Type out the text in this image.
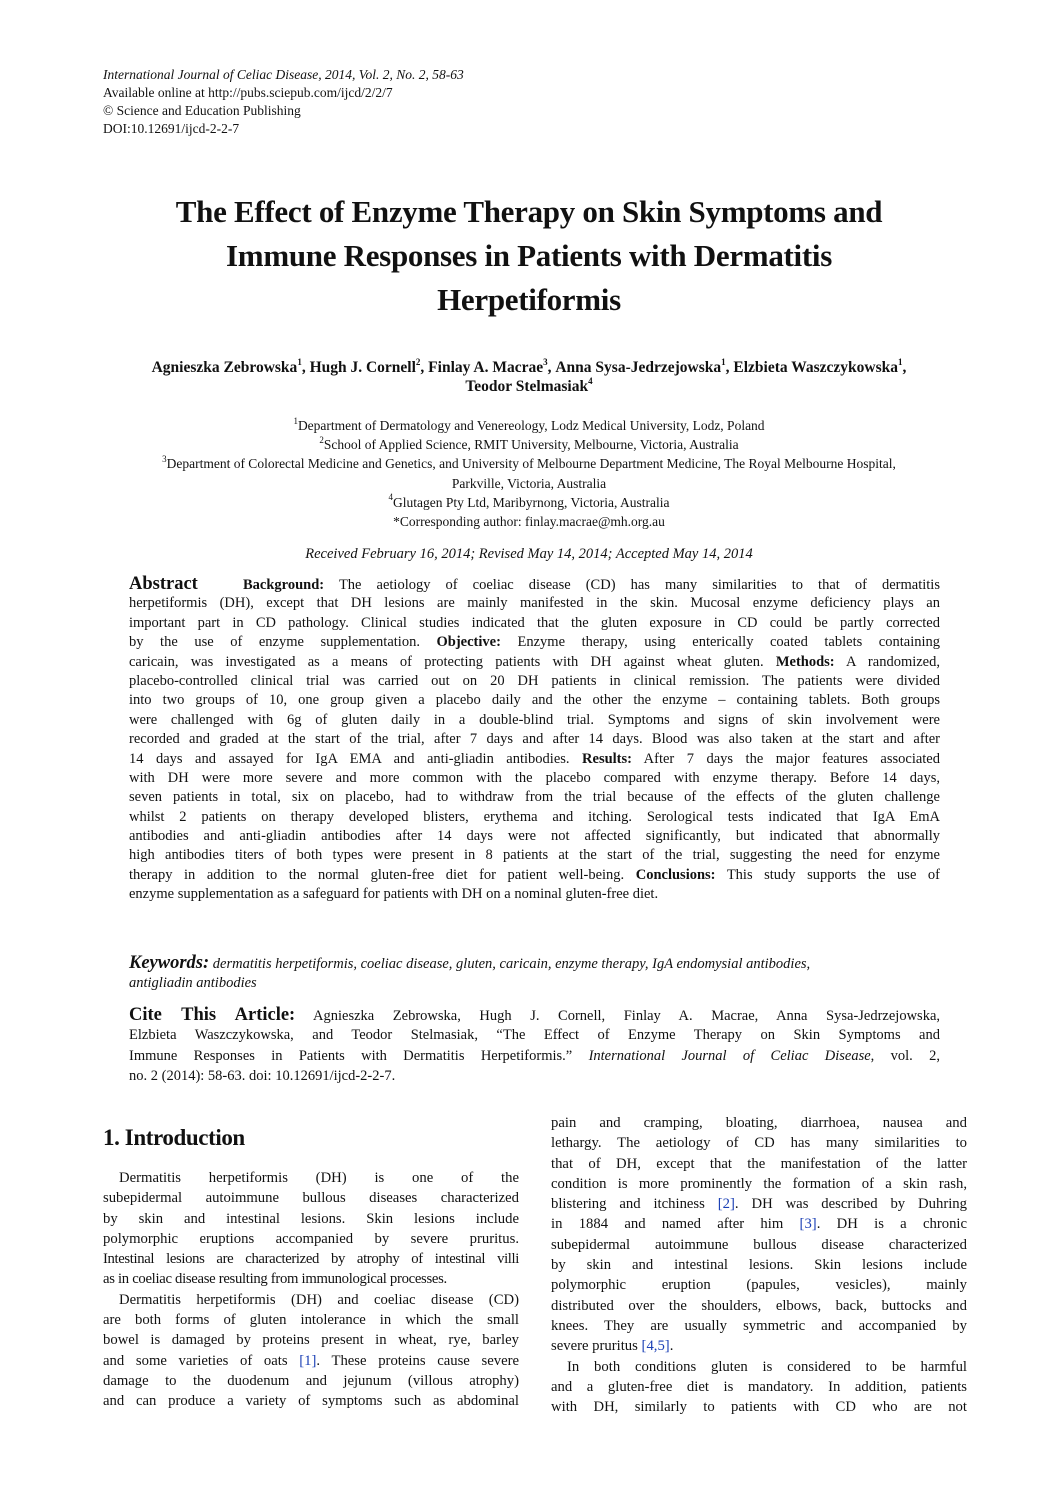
International Journal of Celiac Disease, 2014, Vol. 2, No. 2, 58-63
Available online at http://pubs.sciepub.com/ijcd/2/2/7
© Science and Education Publishing
DOI:10.12691/ijcd-2-2-7
The Effect of Enzyme Therapy on Skin Symptoms and
Immune Responses in Patients with Dermatitis
Herpetiformis
Agnieszka Zebrowska$^1$, Hugh J. Cornell$^2$, Finlay A. Macrae$^3$, Anna Sysa-Jedrzejowska$^1$, Elzbieta Waszczykowska$^1$,
Teodor Stelmasiak$^4$
$^1$Department of Dermatology and Venereology, Lodz Medical University, Lodz, Poland
$^2$School of Applied Science, RMIT University, Melbourne, Victoria, Australia
$^3$Department of Colorectal Medicine and Genetics, and University of Melbourne Department Medicine, The Royal Melbourne Hospital,
Parkville, Victoria, Australia
$^4$Glutagen Pty Ltd, Maribyrnong, Victoria, Australia
*Corresponding author: finlay.macrae@mh.org.au
Received February 16, 2014; Revised May 14, 2014; Accepted May 14, 2014
Abstract	Background: The aetiology of coeliac disease (CD) has many similarities to that of dermatitis
herpetiformis (DH), except that DH lesions are mainly manifested in the skin. Mucosal enzyme deficiency plays an
important part in CD pathology. Clinical studies indicated that the gluten exposure in CD could be partly corrected
by the use of enzyme supplementation. Objective: Enzyme therapy, using enterically coated tablets containing
caricain, was investigated as a means of protecting patients with DH against wheat gluten. Methods: A randomized,
placebo-controlled clinical trial was carried out on 20 DH patients in clinical remission. The patients were divided
into two groups of 10, one group given a placebo daily and the other the enzyme – containing tablets. Both groups
were challenged with 6g of gluten daily in a double-blind trial. Symptoms and signs of skin involvement were
recorded and graded at the start of the trial, after 7 days and after 14 days. Blood was also taken at the start and after
14 days and assayed for IgA EMA and anti-gliadin antibodies. Results: After 7 days the major features associated
with DH were more severe and more common with the placebo compared with enzyme therapy. Before 14 days,
seven patients in total, six on placebo, had to withdraw from the trial because of the effects of the gluten challenge
whilst 2 patients on therapy developed blisters, erythema and itching. Serological tests indicated that IgA EmA
antibodies and anti-gliadin antibodies after 14 days were not affected significantly, but indicated that abnormally
high antibodies titers of both types were present in 8 patients at the start of the trial, suggesting the need for enzyme
therapy in addition to the normal gluten-free diet for patient well-being. Conclusions: This study supports the use of
enzyme supplementation as a safeguard for patients with DH on a nominal gluten-free diet.
Keywords: dermatitis herpetiformis, coeliac disease, gluten, caricain, enzyme therapy, IgA endomysial antibodies,
antigliadin antibodies
Cite This Article: Agnieszka Zebrowska, Hugh J. Cornell, Finlay A. Macrae, Anna Sysa-Jedrzejowska,
Elzbieta Waszczykowska, and Teodor Stelmasiak, “The Effect of Enzyme Therapy on Skin Symptoms and
Immune Responses in Patients with Dermatitis Herpetiformis.” International Journal of Celiac Disease, vol. 2,
no. 2 (2014): 58-63. doi: 10.12691/ijcd-2-2-7.
1. Introduction
Dermatitis herpetiformis (DH) is one of the
subepidermal autoimmune bullous diseases characterized
by skin and intestinal lesions. Skin lesions include
polymorphic eruptions accompanied by severe pruritus.
Intestinal lesions are characterized by atrophy of intestinal villi
as in coeliac disease resulting from immunological processes.
Dermatitis herpetiformis (DH) and coeliac disease (CD)
are both forms of gluten intolerance in which the small
bowel is damaged by proteins present in wheat, rye, barley
and some varieties of oats [1]. These proteins cause severe
damage to the duodenum and jejunum (villous atrophy)
and can produce a variety of symptoms such as abdominal
pain and cramping, bloating, diarrhoea, nausea and
lethargy. The aetiology of CD has many similarities to
that of DH, except that the manifestation of the latter
condition is more prominently the formation of a skin rash,
blistering and itchiness [2]. DH was described by Duhring
in 1884 and named after him [3]. DH is a chronic
subepidermal autoimmune bullous disease characterized
by skin and intestinal lesions. Skin lesions include
polymorphic eruption (papules, vesicles), mainly
distributed over the shoulders, elbows, back, buttocks and
knees. They are usually symmetric and accompanied by
severe pruritus [4,5].
In both conditions gluten is considered to be harmful
and a gluten-free diet is mandatory. In addition, patients
with DH, similarly to patients with CD who are not
